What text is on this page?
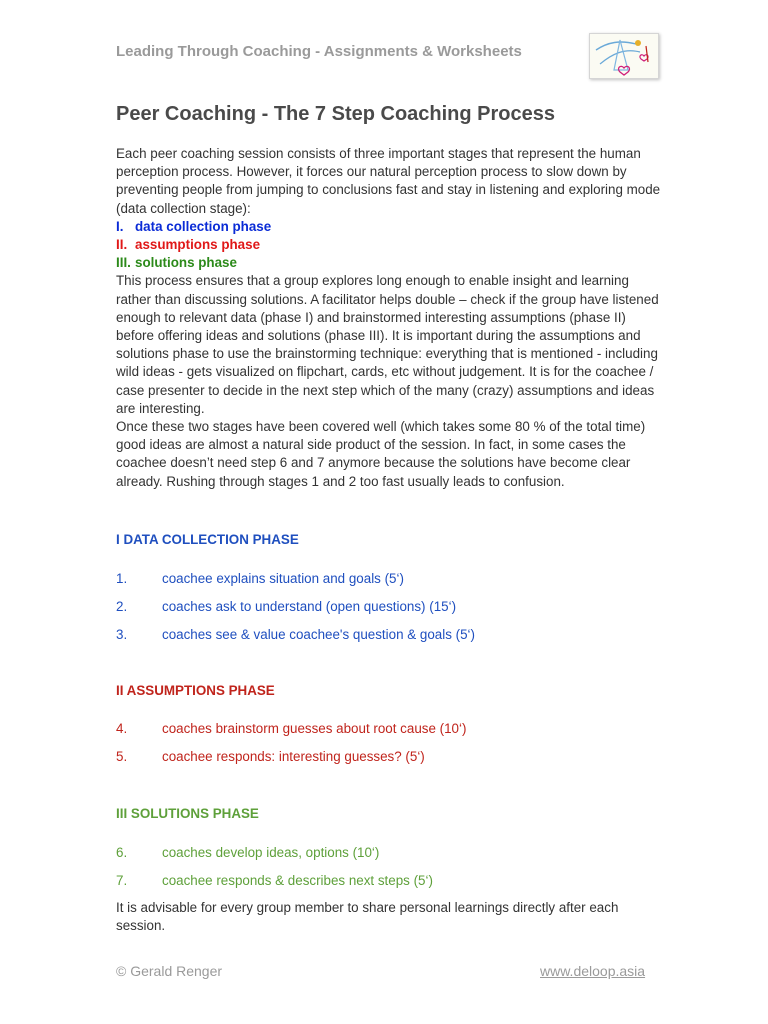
Leading Through Coaching - Assignments & Worksheets
Peer Coaching - The 7 Step Coaching Process

Each peer coaching session consists of three important stages that represent the human perception process. However, it forces our natural perception process to slow down by preventing people from jumping to conclusions fast and stay in listening and exploring mode (data collection stage):

I. data collection phase
II. assumptions phase
III. solutions phase

This process ensures that a group explores long enough to enable insight and learning rather than discussing solutions. A facilitator helps double – check if the group have listened enough to relevant data (phase I) and brainstormed interesting assumptions (phase II) before offering ideas and solutions (phase III). It is important during the assumptions and solutions phase to use the brainstorming technique: everything that is mentioned - including wild ideas - gets visualized on flipchart, cards, etc without judgement. It is for the coachee / case presenter to decide in the next step which of the many (crazy) assumptions and ideas are interesting.

Once these two stages have been covered well (which takes some 80 % of the total time) good ideas are almost a natural side product of the session. In fact, in some cases the coachee doesn’t need step 6 and 7 anymore because the solutions have become clear already. Rushing through stages 1 and 2 too fast usually leads to confusion.

I DATA COLLECTION PHASE
1.	coachee explains situation and goals (5‘)
2.	coaches ask to understand (open questions) (15‘)
3.	coaches see & value coachee's question & goals (5‘)
II ASSUMPTIONS PHASE
4.	coaches brainstorm guesses about root cause (10‘)
5.	coachee responds: interesting guesses? (5‘)
III SOLUTIONS PHASE
6.	coaches develop ideas, options (10‘)
7.	coachee responds & describes next steps (5‘)
It is advisable for every group member to share personal learnings directly after each session.
© Gerald Renger	www.deloop.asia
